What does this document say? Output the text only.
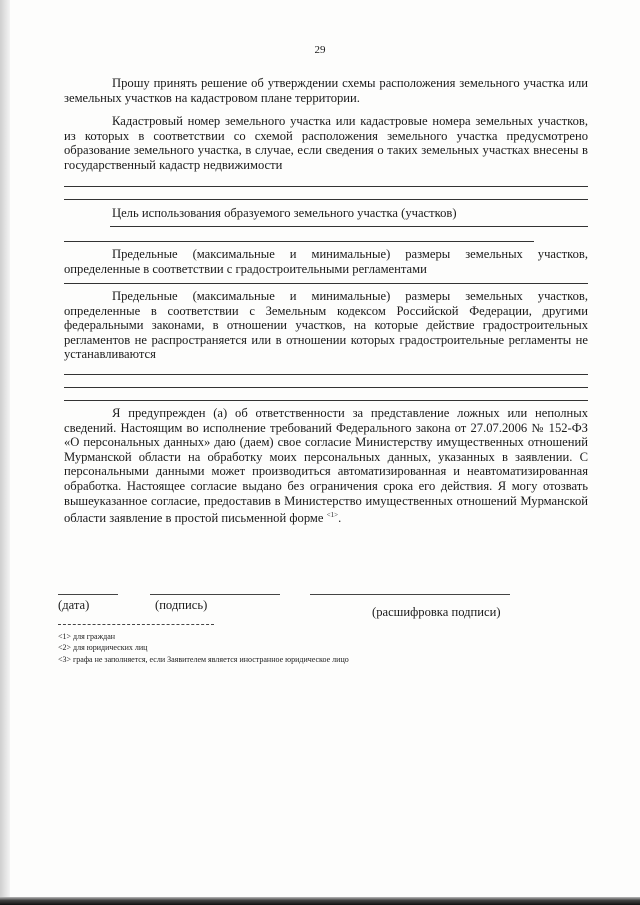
29
Прошу принять решение об утверждении схемы расположения земельного участка или земельных участков на кадастровом плане территории.
Кадастровый номер земельного участка или кадастровые номера земельных участков, из которых в соответствии со схемой расположения земельного участка предусмотрено образование земельного участка, в случае, если сведения о таких земельных участках внесены в государственный кадастр недвижимости
Цель использования образуемого земельного участка (участков)
Предельные (максимальные и минимальные) размеры земельных участков, определенные в соответствии с градостроительными регламентами
Предельные (максимальные и минимальные) размеры земельных участков, определенные в соответствии с Земельным кодексом Российской Федерации, другими федеральными законами, в отношении участков, на которые действие градостроительных регламентов не распространяется или в отношении которых градостроительные регламенты не устанавливаются
Я предупрежден (а) об ответственности за представление ложных или неполных сведений. Настоящим во исполнение требований Федерального закона от 27.07.2006 № 152-ФЗ «О персональных данных» даю (даем) свое согласие Министерству имущественных отношений Мурманской области на обработку моих персональных данных, указанных в заявлении. С персональными данными может производиться автоматизированная и неавтоматизированная обработка. Настоящее согласие выдано без ограничения срока его действия. Я могу отозвать вышеуказанное согласие, предоставив в Министерство имущественных отношений Мурманской области заявление в простой письменной форме $^{<1>}$.
(дата)	(подпись)	(расшифровка подписи)
<1> для граждан
<2> для юридических лиц
<3> графа не заполняется, если Заявителем является иностранное юридическое лицо
